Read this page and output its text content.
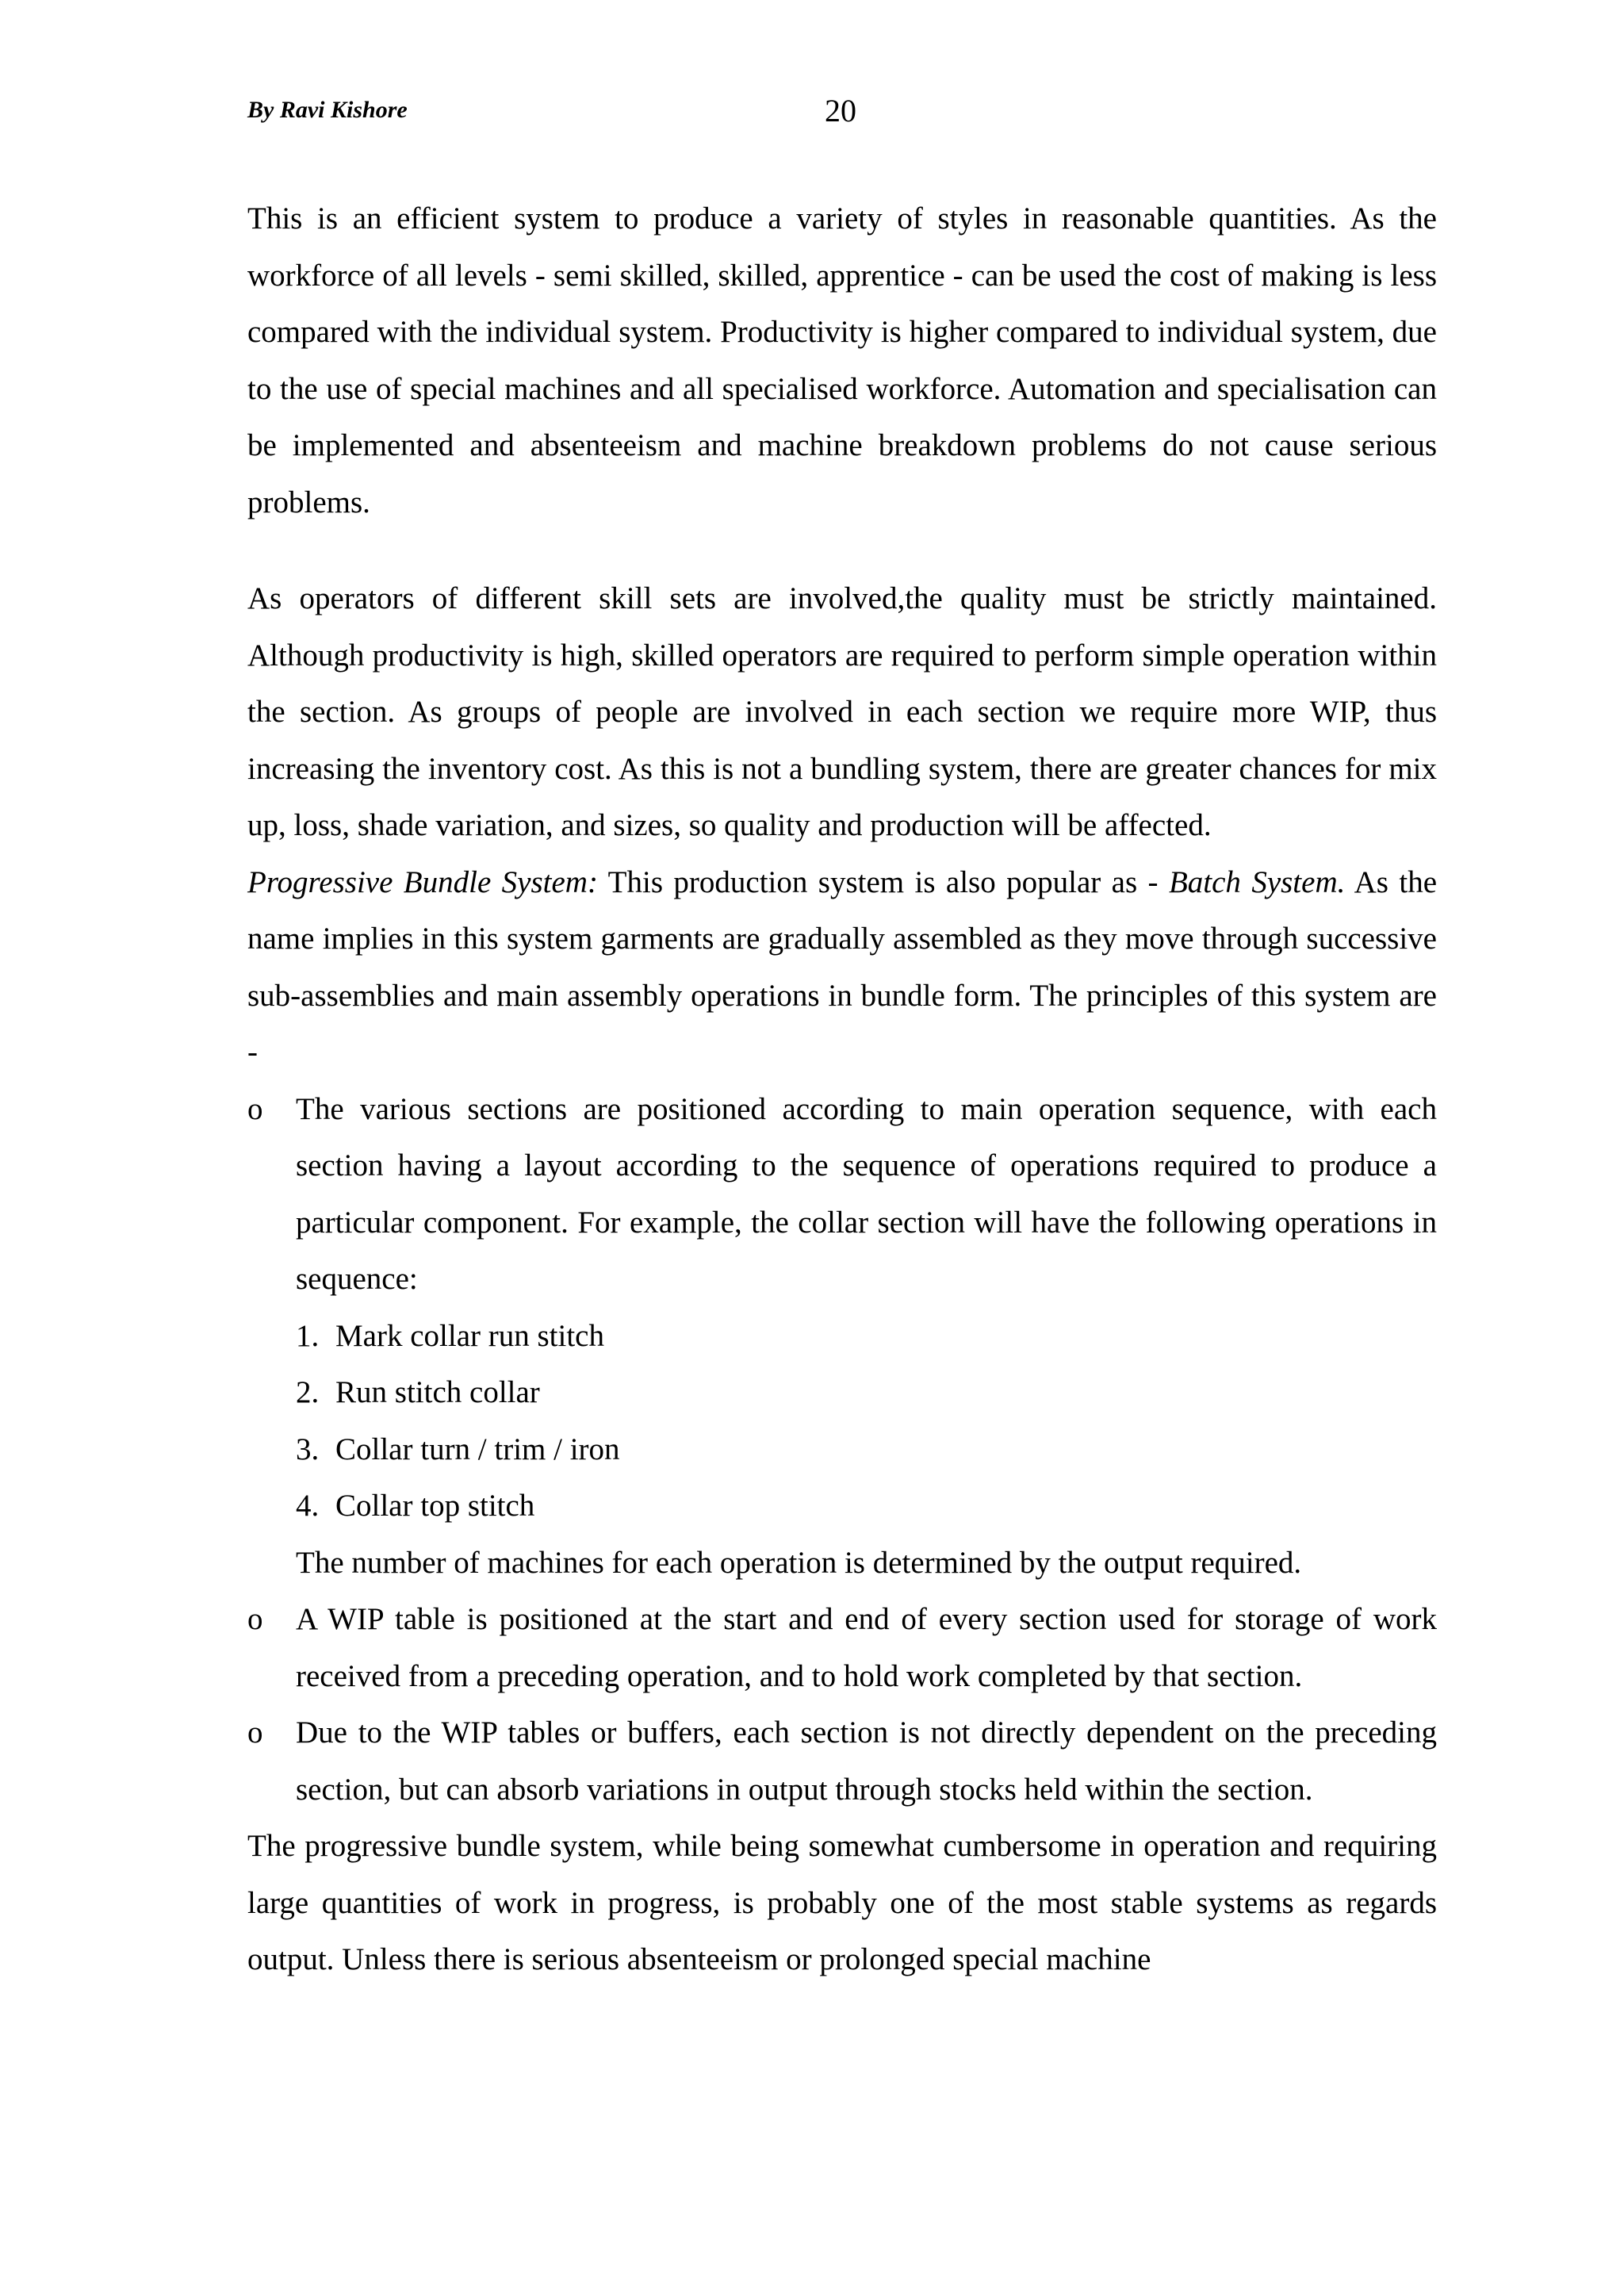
By Ravi Kishore	20

This is an efficient system to produce a variety of styles in reasonable quantities. As the workforce of all levels - semi skilled, skilled, apprentice - can be used the cost of making is less compared with the individual system. Productivity is higher compared to individual system, due to the use of special machines and all specialised workforce. Automation and specialisation can be implemented and absenteeism and machine breakdown problems do not cause serious problems.

As operators of different skill sets are involved,the quality must be strictly maintained. Although productivity is high, skilled operators are required to perform simple operation within the section. As groups of people are involved in each section we require more WIP, thus increasing the inventory cost. As this is not a bundling system, there are greater chances for mix up, loss, shade variation, and sizes, so quality and production will be affected.

Progressive Bundle System: This production system is also popular as - Batch System. As the name implies in this system garments are gradually assembled as they move through successive sub-assemblies and main assembly operations in bundle form. The principles of this system are -

o	The various sections are positioned according to main operation sequence, with each section having a layout according to the sequence of operations required to produce a particular component. For example, the collar section will have the following operations in sequence:
1. Mark collar run stitch
2. Run stitch collar
3. Collar turn / trim / iron
4. Collar top stitch
The number of machines for each operation is determined by the output required.
o	A WIP table is positioned at the start and end of every section used for storage of work received from a preceding operation, and to hold work completed by that section.
o	Due to the WIP tables or buffers, each section is not directly dependent on the preceding section, but can absorb variations in output through stocks held within the section.

The progressive bundle system, while being somewhat cumbersome in operation and requiring large quantities of work in progress, is probably one of the most stable systems as regards output. Unless there is serious absenteeism or prolonged special machine
